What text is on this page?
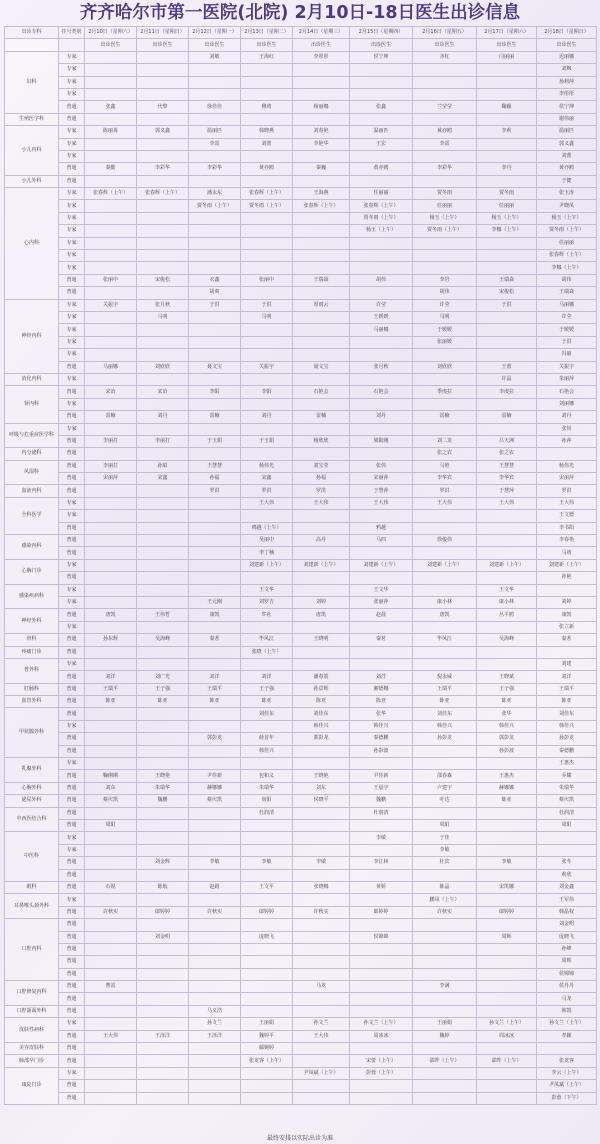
齐齐哈尔市第一医院(北院) 2月10日-18日医生出诊信息
出诊专科	挂号类别	2月10日（星期六）	2月11日（星期日）	2月12日（星期一）	2月13日（星期二）	2月14日（星期三）	2月15日（星期四）	2月16日（星期五）	2月17日（星期六）	2月18日（星期日）	
		出诊医生	出诊医生	出诊医生	出诊医生	出诊医生	出诊医生	出诊医生	出诊医生	出诊医生	
妇科	专家			刘敏	王海红	李彤彤	侯宁坤	齐红	闫丽丽	迟丽娜	
	专家									刘枫	
	专家									孙莉萍	
	专家									李彤彤	
	普通	张鑫	代黎	徐佳佳	穆靖	杨丽娜	张鑫	兰莹莹	鞠颖	侯宁坤	
生殖医学科	普通									谢伟丽	
小儿内科	专家	陈丽苒	郭义鑫	温丽匹	韩晓燕	刘春艳	温丽匹	黄亦鸥	李莉	温丽匹	
	专家			李雷	刘蕾	李艳华	王宏	李雷		郭义鑫	
	专家									刘蕾	
	普通	秦勤	李彩华	李彩华	黄亦鸥	秦巍	黄亦鸥	李彩华	李丹	黄亦鸥	
小儿外科	普通									于健	
心内科	专家	张春辉（上午）	张春辉（上午）	潘永东	张春辉（上午）	王海燕	任丽丽	贾冬雨	贾冬雨	张玉涛	
	专家			贾冬雨（上午）	贾冬雨（上午）	张春辉（上午）	张春辉（上午）	任丽丽	任丽丽	尹晓凤	
	专家						贾冬雨（上午）	杨玉（上午）	杨玉（上午）	杨玉（上午）	
	专家						杨玉（上午）	贾冬雨（上午）	李娜（上午）	贾冬雨（上午）	
	专家									任丽丽	
	专家									张春辉（上午）	
	专家									李娜（上午）	
	普通	张丽中	宋俊松	衣鑫	张丽中	王瑞焱	胡伟	李岩	王瑞焱	胡伟	
	普通			胡爽				胡伟	宋俊松	王瑞焱	
神经内科	专家	关振宇	张月秋	于洪	于洪	厚雨云	许莹	许莹	于洪	马丽娜	
	专家		马明		马明		王媛媛	马明		许莹	
	专家						马丽娜	于媛媛		于媛媛	
	专家							张丽媛		于洪	
	专家									冯丽	
	普通	马丽娜	刘欣欣	聂文宝	关振宇	聂文宝	张月秋	刘欣欣	王蕾	关振宇	
消化内科	专家								许晶	朱丽萍	
肾内科	普通	宋冶	宋冶	李阳	李阳	石艳会	石艳会	季虔拉	李虔拉	石艳会	
	专家									刘丽娜	
	普通	雷楠	刘丹	雷楠	刘丹	雷楠	刘丹	雷楠	雷楠	刘丹	
呼吸与危重症医学科	专家									张钊	
	普通	李丽打	李丽打	于玉娟	于玉娟	杨欣欣	梁勋刚	刘二龙	吕天洲	孙萍	
内分泌科	普通							张之农	张之农		
风湿科	普通	李丽打	孙昭	王慧慧	杨伟光	刘宝莹	张伟	马艳	王慧慧	杨伟光	
	普通	宋丽萍	宋鑫	孙福	宋鑫	孙福	宋丽萍	李华宾	李华宾	宋丽萍	
血液内科	普通			罗洪	罗洪	罗洪	于慧萍	罗洪	于慧萍	罗洪	
全科医学	专家				王大伟	王大伟	王大伟	王大伟	王大伟	王大伟	
	专家									王文德	
	普通				鸦越（上午）		鸦越			李书阳	
感染内科	普通				吴丽中	高丹	马四	徐俊伟		李春艳	
	普通				李丁楠					马靖	
心胸门诊	专家				刘建新（上午）	刘建新（上午）	刘建新（上午）	刘建新（上午）	刘建新（上午）	刘建新（上午）	
	普通									孙艳	
感染疾病科	专家				王文华		王文华		王文华		
	专家			王元刚	刘罗吉	刘婷	张丽萍	康小林	康小林	刘婷	
神经外科	普通	唐凯	王伟哲	康凯	牟社	唐凯	赵晨	唐凯	丛平鸥	康凯	
	专家									张立新	
骨科	普通	孙东辉	吴海峰	秦茗	毕风江	王晓明	秦茗	毕风江	吴海峰	秦茗	
疼痛门诊	普通				张晓（上午）						
普外科	专家									刘建	
	普通	刘洋	刘广光	刘洋	刘洋	潘春震	刘洋	倪永威	王晓斌	刘洋	
肛肠科	普通	王瑞平	王子强	王瑞平	王子强	孙景辉	湘德娜	王瑞平	王子强	王瑞平	
血管外科	普通	陈亚	陈亚	陈亚	陈亚	陈亚	陈亚	陈亚	陈亚	陈亚	
甲状腺外科	普通				刘佳东	刘佳东	张华	刘佳东	张华	刘佳东	
	专家					韩佳兴	韩佳兴	韩佳兴	韩佳兴	韩佳兴	
	普通			郭彭龙	薛首年	郭彭龙	秦德鹏	孙彭龙	郭彭龙	孙彭龙	
	普通				韩佳兴		孙彭波		孙彭波	秦德鹏	
乳腺外科	专家									王惠杰	
	普通	鞠俐俐	王晓艳	尹佳新	包和义	王晓艳	尹佳新	邵春森	王惠杰	乔耀	
心胸外科	普通	刘东	朱瑞华	赫娜娜	朱瑞华	刘东	王晨宇	卢建宇	赫娜娜	朱瑞华	
泌尿外科	普通	蔡庆凯	魏鹏	蔡庆凯	尚阳	侯晓平	魏鹏	叶达	陈亚	蔡庆凯	
中西医结合科	普通				杜润清		杜润清			杜润清	
	普通	周阳						周阳		周阳	
中医科	专家						李敏	于佳			
	专家							李敏			
	普通		刘金辉	李敏	李敏	李敏	李江林	杜宾	李敏	张冬	
	普通									莉欣	
眼科	普通	石锐	陈航	赵路	王文平	张晓娜	黄娇	陈晶	宋凯娜	刘金鑫	
耳鼻喉头颈外科	专家							鹏凤（上午）		王军伟	
	普通	许秋实	郎婷婷	许秋实	郎婷婷	许秋实	郎婷婷	许秋实	郎婷婷	韩晶权	
口腔内科	普通									刘金明	
	普通		刘金明		庞晓飞		侯锦锦		周辉	庞晓飞	
	普通									孙峰	
	普通									周辉	
	普通									侯锦锦	
口腔修复内科	普通	曹雷				马龙		李满		侯丹丹	
	普通									马龙	
口腔颌面外科	普通			马义浩						韩凯	
皮肤性病科	专家			孙文兰	王丽娟	孙文兰	孙文兰（上午）	王丽娟	孙文兰（上午）	孙文兰（上午）	
	普通	王大伟	王泽洋	王泽洋	魏婷平	王大伟	周冰冰	魏婷	周冰冰	孝颖	
美容皮肤科	普通				邮婉婷						
肺部早门诊	普通				张龙客（上午）		宋蕾（上午）	邵昨（上午）	邵昨（上午）	张龙客	
康复门诊	专家					尹凤斌（上午）	彭蓉（上午）			李云（上午）	
	普通									尹凤斌（上午）	
	普通									彭蓉（下午）	
最终安排以实际出诊为准
